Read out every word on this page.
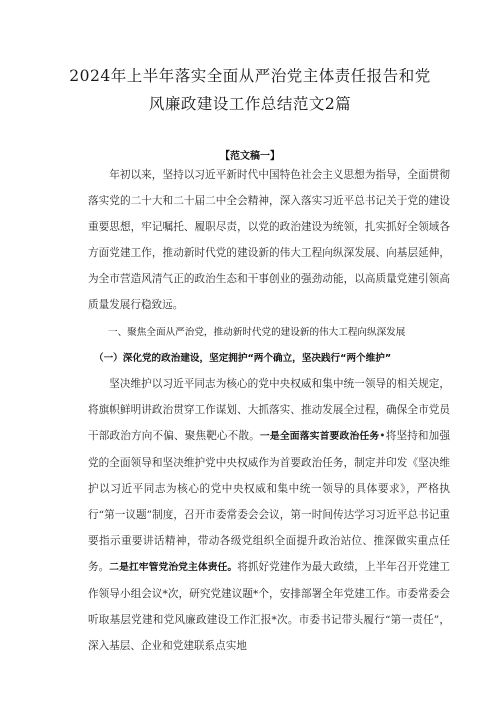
2024年上半年落实全面从严治党主体责任报告和党
风廉政建设工作总结范文2篇
【范文稿一】

年初以来，坚持以习近平新时代中国特色社会主义思想为指导，全面贯彻落实党的二十大和二十届二中全会精神，深入落实习近平总书记关于党的建设重要思想，牢记嘱托、履职尽责，以党的政治建设为统领，扎实抓好全领域各方面党建工作，推动新时代党的建设新的伟大工程向纵深发展、向基层延伸，为全市营造风清气正的政治生态和干事创业的强劲动能，以高质量党建引领高质量发展行稳致远。

一、聚焦全面从严治党，推动新时代党的建设新的伟大工程向纵深发展
（一）深化党的政治建设，坚定拥护“两个确立，坚决践行“两个维护”

坚决维护以习近平同志为核心的党中央权威和集中统一领导的相关规定，将旗帜鲜明讲政治贯穿工作谋划、大抓落实、推动发展全过程，确保全市党员干部政治方向不偏、聚焦靶心不散。一是全面落实首要政治任务•将坚持和加强党的全面领导和坚决维护党中央权威作为首要政治任务，制定并印发《坚决维护以习近平同志为核心的党中央权威和集中统一领导的具体要求》，严格执行“第一议题”制度，召开市委常委会会议，第一时间传达学习习近平总书记重要指示重要讲话精神，带动各级党组织全面提升政治站位、推深做实重点任务。二是扛牢管党治党主体责任。将抓好党建作为最大政绩，上半年召开党建工作领导小组会议*次，研究党建议题*个，安排部署全年党建工作。市委常委会听取基层党建和党风廉政建设工作汇报*次。市委书记带头履行“第一责任”，深入基层、企业和党建联系点实地
